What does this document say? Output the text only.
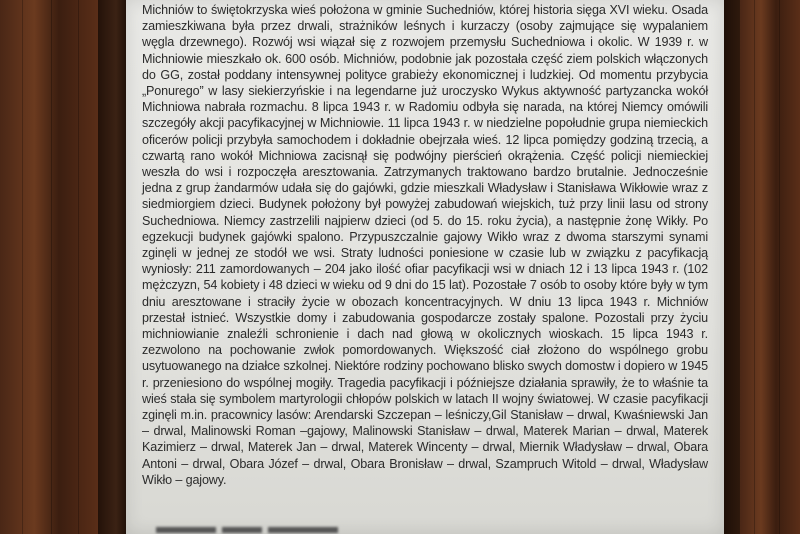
Michniów to świętokrzyska wieś położona w gminie Suchedniów, której historia sięga XVI wieku. Osada zamieszkiwana była przez drwali, strażników leśnych i kurzaczy (osoby zajmujące się wypalaniem węgla drzewnego). Rozwój wsi wiązał się z rozwojem przemysłu Suchedniowa i okolic. W 1939 r. w Michniowie mieszkało ok. 600 osób. Michniów, podobnie jak pozostała część ziem polskich włączonych do GG, został poddany intensywnej polityce grabieży ekonomicznej i ludzkiej. Od momentu przybycia „Ponurego” w lasy siekierzyńskie i na legendarne już uroczysko Wykus aktywność partyzancka wokół Michniowa nabrała rozmachu. 8 lipca 1943 r. w Radomiu odbyła się narada, na której Niemcy omówili szczegóły akcji pacyfikacyjnej w Michniowie. 11 lipca 1943 r. w niedzielne popołudnie grupa niemieckich oficerów policji przybyła samochodem i dokładnie obejrzała wieś. 12 lipca pomiędzy godziną trzecią, a czwartą rano wokół Michniowa zacisnął się podwójny pierścień okrążenia. Część policji niemieckiej weszła do wsi i rozpoczęła aresztowania. Zatrzymanych traktowano bardzo brutalnie. Jednocześnie jedna z grup żandarmów udała się do gajówki, gdzie mieszkali Władysław i Stanisława Wikłowie wraz z siedmiorgiem dzieci. Budynek położony był powyżej zabudowań wiejskich, tuż przy linii lasu od strony Suchedniowa. Niemcy zastrzelili najpierw dzieci (od 5. do 15. roku życia), a następnie żonę Wikły. Po egzekucji budynek gajówki spalono. Przypuszczalnie gajowy Wikło wraz z dwoma starszymi synami zginęli w jednej ze stodół we wsi. Straty ludności poniesione w czasie lub w związku z pacyfikacją wyniosły: 211 zamordowanych – 204 jako ilość ofiar pacyfikacji wsi w dniach 12 i 13 lipca 1943 r. (102 mężczyzn, 54 kobiety i 48 dzieci w wieku od 9 dni do 15 lat). Pozostałe 7 osób to osoby które były w tym dniu aresztowane i straciły życie w obozach koncentracyjnych. W dniu 13 lipca 1943 r. Michniów przestał istnieć. Wszystkie domy i zabudowania gospodarcze zostały spalone. Pozostali przy życiu michniowianie znaleźli schronienie i dach nad głową w okolicznych wioskach. 15 lipca 1943 r. zezwolono na pochowanie zwłok pomordowanych. Większość ciał złożono do wspólnego grobu usytuowanego na działce szkolnej. Niektóre rodziny pochowano blisko swych domostw i dopiero w 1945 r. przeniesiono do wspólnej mogiły. Tragedia pacyfikacji i późniejsze działania sprawiły, że to właśnie ta wieś stała się symbolem martyrologii chłopów polskich w latach II wojny światowej. W czasie pacyfikacji zginęli m.in. pracownicy lasów: Arendarski Szczepan – leśniczy,Gil Stanisław – drwal, Kwaśniewski Jan – drwal, Malinowski Roman –gajowy, Malinowski Stanisław – drwal, Materek Marian – drwal, Materek Kazimierz – drwal, Materek Jan – drwal, Materek Wincenty – drwal, Miernik Władysław – drwal, Obara Antoni – drwal, Obara Józef – drwal, Obara Bronisław – drwal, Szampruch Witold – drwal, Władysław Wikło – gajowy.
